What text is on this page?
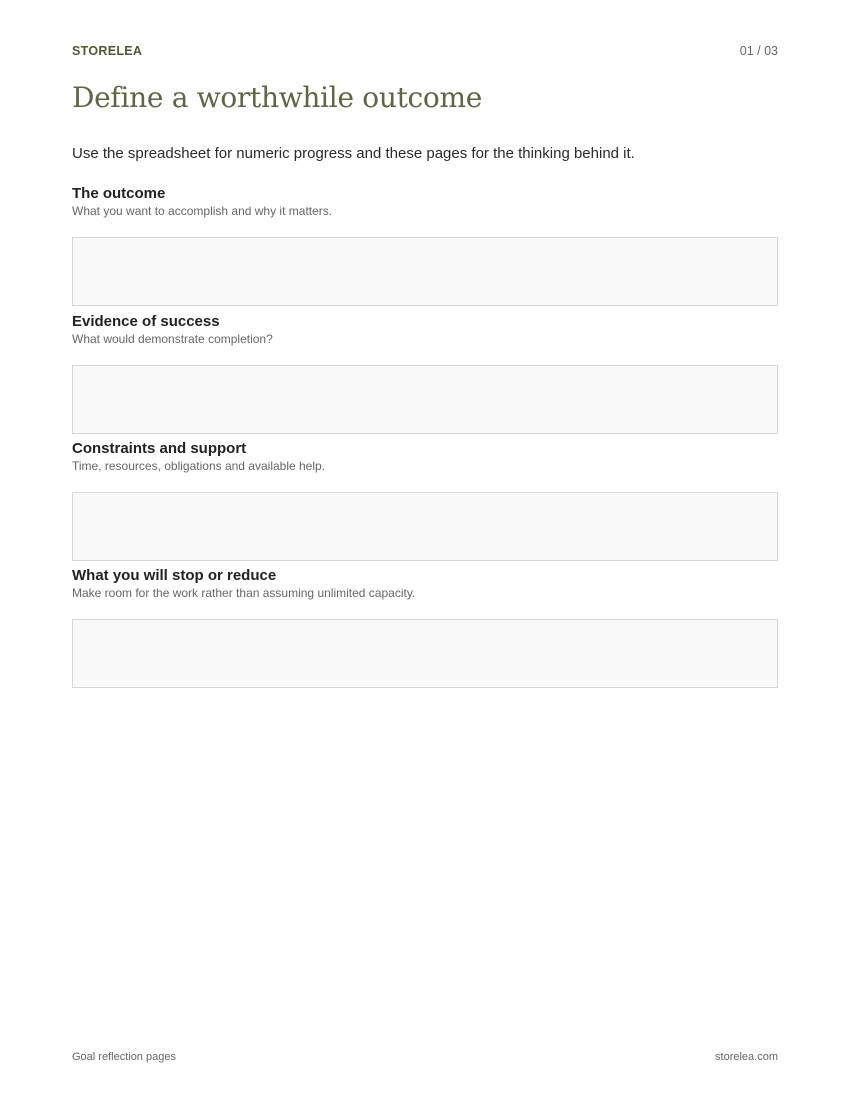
STORELEA	01 / 03
Define a worthwhile outcome

Use the spreadsheet for numeric progress and these pages for the thinking behind it.

The outcome

What you want to accomplish and why it matters.

Evidence of success

What would demonstrate completion?

Constraints and support

Time, resources, obligations and available help.

What you will stop or reduce

Make room for the work rather than assuming unlimited capacity.

Goal reflection pages	storelea.com
